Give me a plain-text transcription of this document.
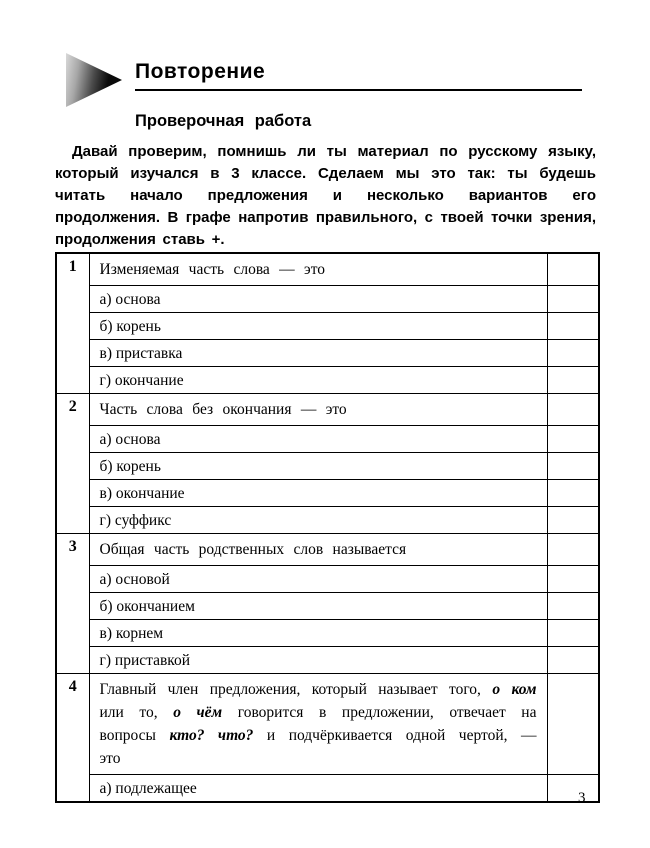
Повторение
Проверочная работа

Давай проверим, помнишь ли ты материал по русскому языку, который изучался в 3 классе. Сделаем мы это так: ты будешь читать начало предложения и несколько вариантов его продолжения. В графе напротив правильного, с твоей точки зрения, продолжения ставь +.

1	Изменяемая часть слова — это	
	а) основа	
	б) корень	
	в) приставка	
	г) окончание	
2	Часть слова без окончания — это	
	а) основа	
	б) корень	
	в) окончание	
	г) суффикс	
3	Общая часть родственных слов называется	
	а) основой	
	б) окончанием	
	в) корнем	
	г) приставкой	
4	Главный член предложения, который называет того, о ком или то, о чём говорится в предложении, отвечает на вопросы кто? что? и подчёркивается одной чертой, — это	
	а) подлежащее	
3
